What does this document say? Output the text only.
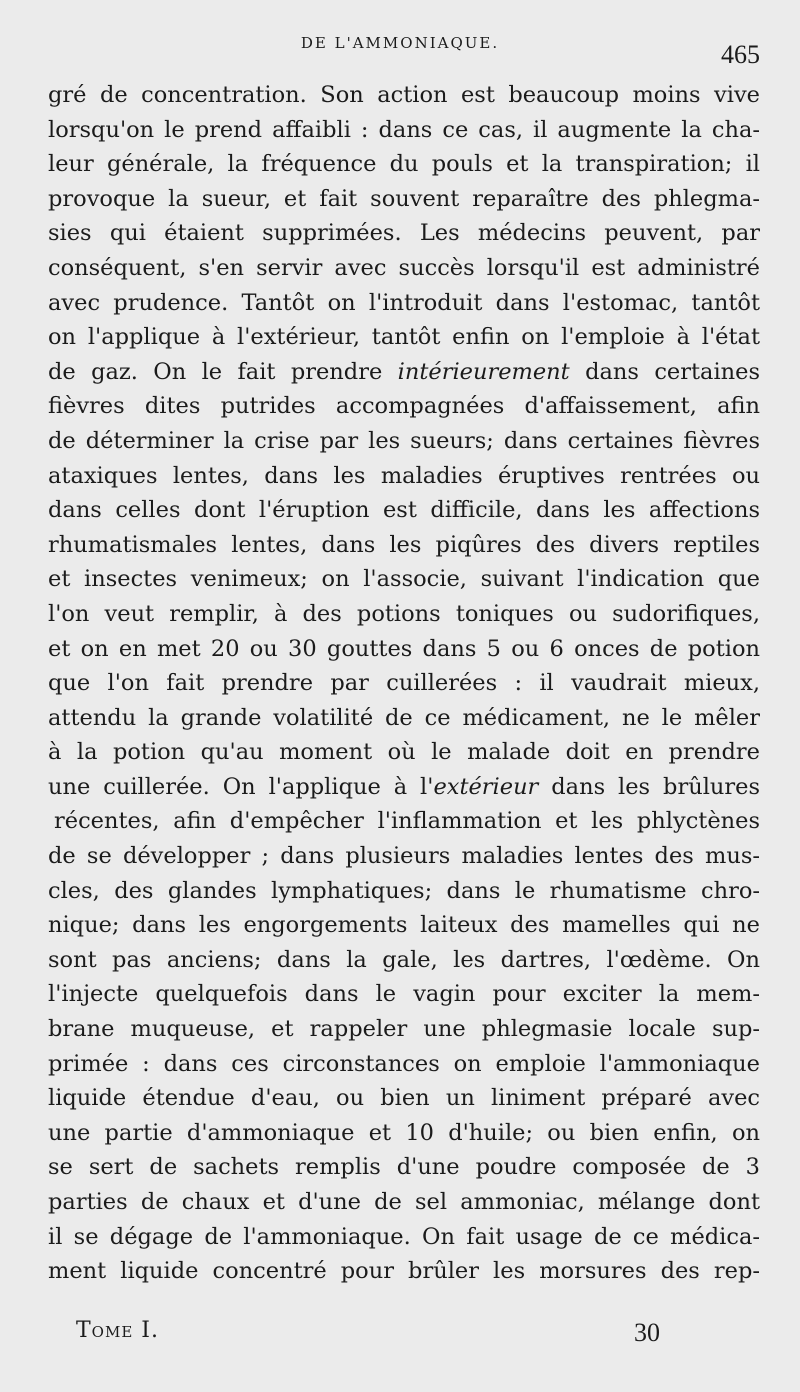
DE L'AMMONIAQUE.	465
gré de concentration. Son action est beaucoup moins vive
lorsqu'on le prend affaibli : dans ce cas, il augmente la cha-
leur générale, la fréquence du pouls et la transpiration; il
provoque la sueur, et fait souvent reparaître des phlegma-
sies qui étaient supprimées. Les médecins peuvent, par
conséquent, s'en servir avec succès lorsqu'il est administré
avec prudence. Tantôt on l'introduit dans l'estomac, tantôt
on l'applique à l'extérieur, tantôt enfin on l'emploie à l'état
de gaz. On le fait prendre intérieurement dans certaines
fièvres dites putrides accompagnées d'affaissement, afin
de déterminer la crise par les sueurs; dans certaines fièvres
ataxiques lentes, dans les maladies éruptives rentrées ou
dans celles dont l'éruption est difficile, dans les affections
rhumatismales lentes, dans les piqûres des divers reptiles
et insectes venimeux; on l'associe, suivant l'indication que
l'on veut remplir, à des potions toniques ou sudorifiques,
et on en met 20 ou 30 gouttes dans 5 ou 6 onces de potion
que l'on fait prendre par cuillerées : il vaudrait mieux,
attendu la grande volatilité de ce médicament, ne le mêler
à la potion qu'au moment où le malade doit en prendre
une cuillerée. On l'applique à l'extérieur dans les brûlures
récentes, afin d'empêcher l'inflammation et les phlyctènes
de se développer ; dans plusieurs maladies lentes des mus-
cles, des glandes lymphatiques; dans le rhumatisme chro-
nique; dans les engorgements laiteux des mamelles qui ne
sont pas anciens; dans la gale, les dartres, l'œdème. On
l'injecte quelquefois dans le vagin pour exciter la mem-
brane muqueuse, et rappeler une phlegmasie locale sup-
primée : dans ces circonstances on emploie l'ammoniaque
liquide étendue d'eau, ou bien un liniment préparé avec
une partie d'ammoniaque et 10 d'huile; ou bien enfin, on
se sert de sachets remplis d'une poudre composée de 3
parties de chaux et d'une de sel ammoniac, mélange dont
il se dégage de l'ammoniaque. On fait usage de ce médica-
ment liquide concentré pour brûler les morsures des rep-
Tome I.	30
